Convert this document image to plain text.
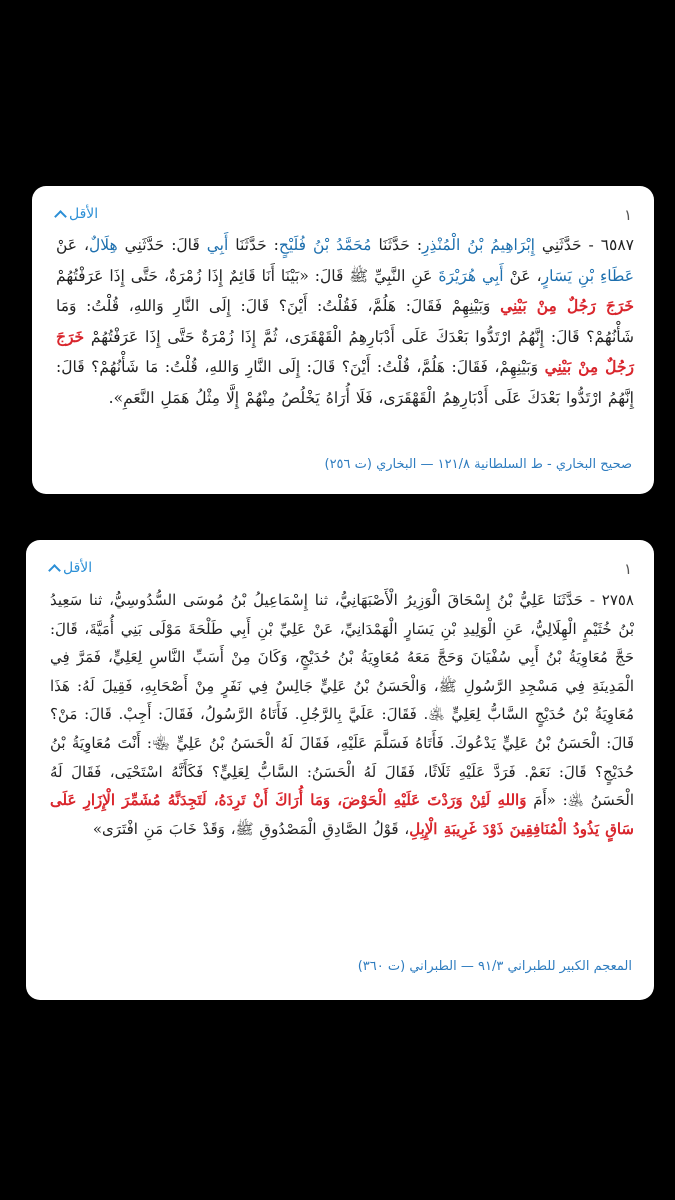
١
الأقل
٦٥٨٧ - حَدَّثَنِي إِبْرَاهِيمُ بْنُ الْمُنْذِرِ: حَدَّثَنَا مُحَمَّدُ بْنُ فُلَيْحٍ: حَدَّثَنَا أَبِي قَالَ: حَدَّثَنِي هِلَالٌ، عَنْ عَطَاءِ بْنِ يَسَارٍ، عَنْ أَبِي هُرَيْرَةَ عَنِ النَّبِيِّ ﷺ قَالَ: «بَيْنَا أَنَا قَائِمٌ إِذَا زُمْرَةٌ، حَتَّى إِذَا عَرَفْتُهُمْ خَرَجَ رَجُلٌ مِنْ بَيْنِي وَبَيْنِهِمْ فَقَالَ: هَلُمَّ، فَقُلْتُ: أَيْنَ؟ قَالَ: إِلَى النَّارِ وَاللهِ، قُلْتُ: وَمَا شَأْنُهُمْ؟ قَالَ: إِنَّهُمُ ارْتَدُّوا بَعْدَكَ عَلَى أَدْبَارِهِمُ الْقَهْقَرَى، ثُمَّ إِذَا زُمْرَةٌ حَتَّى إِذَا عَرَفْتُهُمْ خَرَجَ رَجُلٌ مِنْ بَيْنِي وَبَيْنِهِمْ، فَقَالَ: هَلُمَّ، قُلْتُ: أَيْنَ؟ قَالَ: إِلَى النَّارِ وَاللهِ، قُلْتُ: مَا شَأْنُهُمْ؟ قَالَ: إِنَّهُمُ ارْتَدُّوا بَعْدَكَ عَلَى أَدْبَارِهِمُ الْقَهْقَرَى، فَلَا أُرَاهُ يَخْلُصُ مِنْهُمْ إِلَّا مِثْلُ هَمَلِ النَّعَمِ».
صحيح البخاري - ط السلطانية ١٢١/٨ — البخاري (ت ٢٥٦)
١
الأقل
٢٧٥٨ - حَدَّثَنَا عَلِيُّ بْنُ إِسْحَاقَ الْوَزِيرُ الْأَصْبَهَانِيُّ، ثنا إِسْمَاعِيلُ بْنُ مُوسَى السُّدُوسِيُّ، ثنا سَعِيدُ بْنُ خُثَيْمٍ الْهِلَالِيُّ، عَنِ الْوَلِيدِ بْنِ يَسَارٍ الْهَمْدَانِيِّ، عَنْ عَلِيِّ بْنِ أَبِي طَلْحَةَ مَوْلَى بَنِي أُمَيَّةَ، قَالَ: حَجَّ مُعَاوِيَةُ بْنُ أَبِي سُفْيَانَ وَحَجَّ مَعَهُ مُعَاوِيَةُ بْنُ حُدَيْجٍ، وَكَانَ مِنْ أَسَبِّ النَّاسِ لِعَلِيٍّ، فَمَرَّ فِي الْمَدِينَةِ فِي مَسْجِدِ الرَّسُولِ ﷺ، وَالْحَسَنُ بْنُ عَلِيٍّ جَالِسٌ فِي نَفَرٍ مِنْ أَصْحَابِهِ، فَقِيلَ لَهُ: هَذَا مُعَاوِيَةُ بْنُ حُدَيْجٍ السَّابُّ لِعَلِيٍّ ﵁. فَقَالَ: عَلَيَّ بِالرَّجُلِ. فَأَتَاهُ الرَّسُولُ، فَقَالَ: أَجِبْ. قَالَ: مَنْ؟ قَالَ: الْحَسَنُ بْنُ عَلِيٍّ يَدْعُوكَ. فَأَتَاهُ فَسَلَّمَ عَلَيْهِ، فَقَالَ لَهُ الْحَسَنُ بْنُ عَلِيٍّ ﵄: أَنْتَ مُعَاوِيَةُ بْنُ حُدَيْجٍ؟ قَالَ: نَعَمْ. فَرَدَّ عَلَيْهِ ثَلَاثًا، فَقَالَ لَهُ الْحَسَنُ: السَّابُّ لِعَلِيٍّ؟ فَكَأَنَّهُ اسْتَحْيَى، فَقَالَ لَهُ الْحَسَنُ ﵁: «أَمَ وَاللهِ لَئِنْ وَرَدْتَ عَلَيْهِ الْحَوْضَ، وَمَا أُرَاكَ أَنْ تَرِدَهُ، لَتَجِدَنَّهُ مُشَمِّرَ الْإِزَارِ عَلَى سَاقٍ يَذُودُ الْمُنَافِقِينَ ذَوْدَ غَرِيبَةِ الْإِبِلِ، قَوْلُ الصَّادِقِ الْمَصْدُوقِ ﷺ، وَقَدْ خَابَ مَنِ افْتَرَى»
المعجم الكبير للطبراني ٩١/٣ — الطبراني (ت ٣٦٠)
